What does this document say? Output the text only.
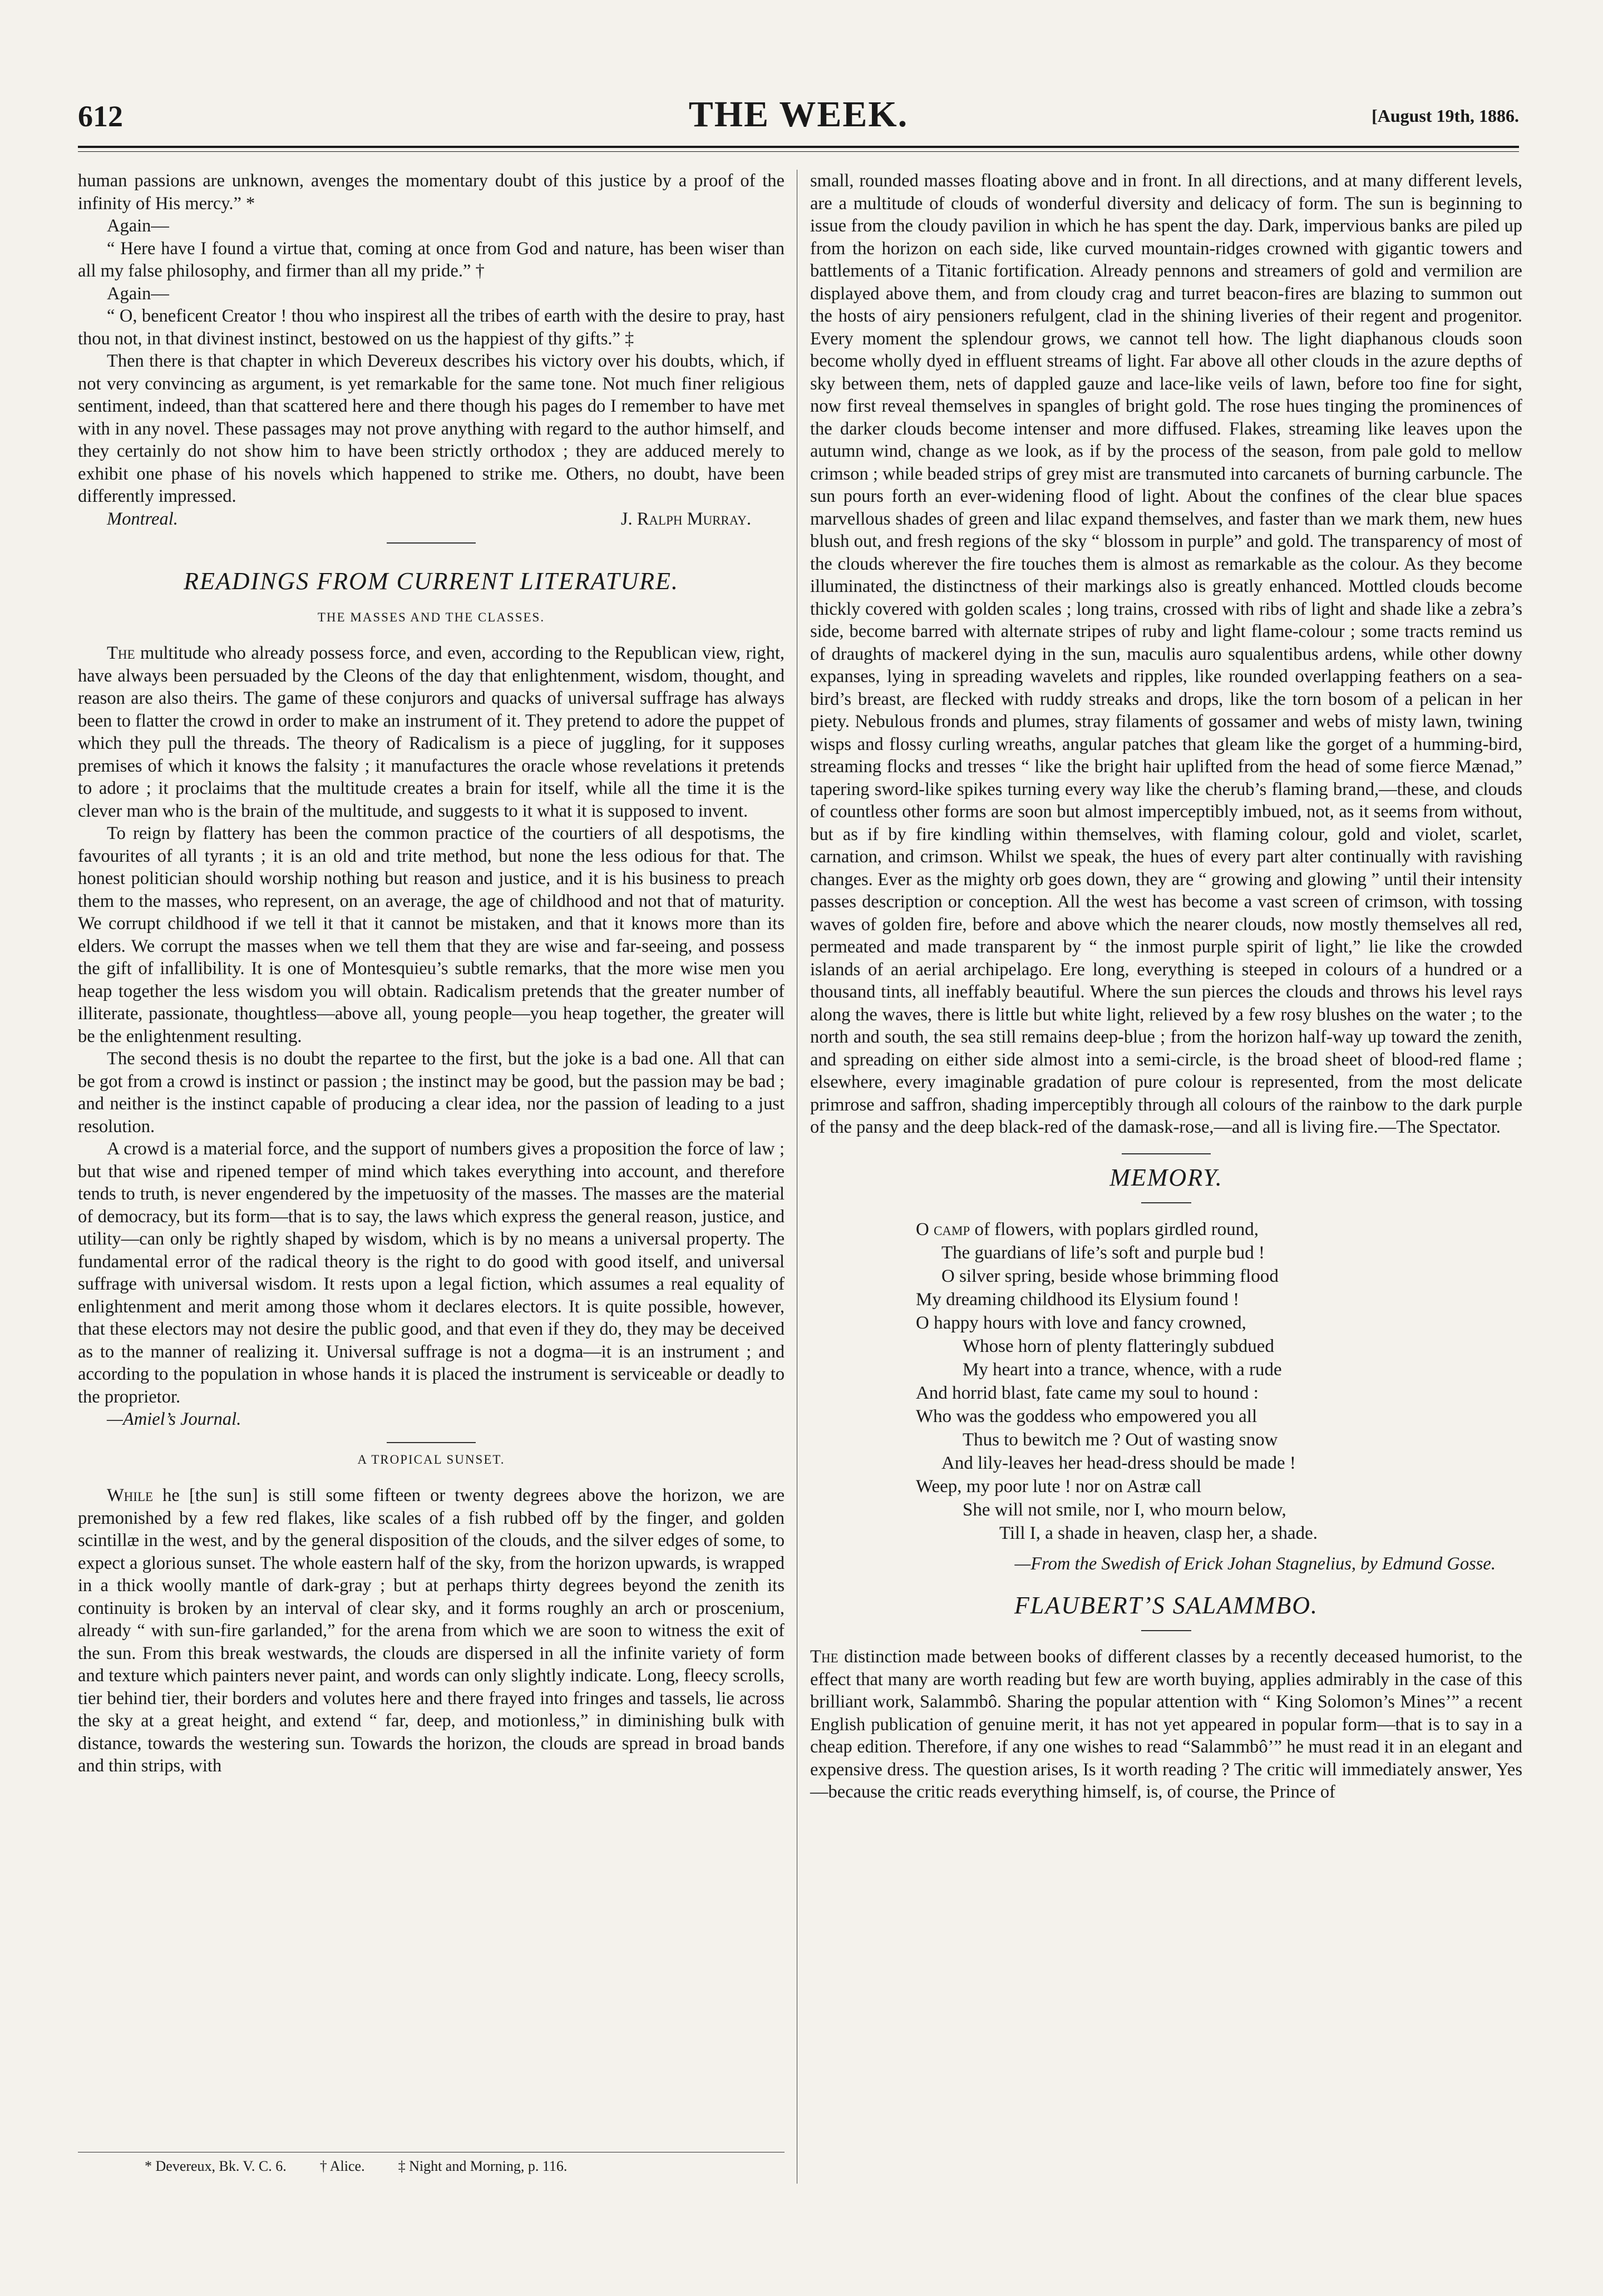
612	THE WEEK.	[August 19th, 1886.

human passions are unknown, avenges the momentary doubt of this justice by a proof of the infinity of His mercy.” *

Again—

“ Here have I found a virtue that, coming at once from God and nature, has been wiser than all my false philosophy, and firmer than all my pride.” †

Again—

“ O, beneficent Creator ! thou who inspirest all the tribes of earth with the desire to pray, hast thou not, in that divinest instinct, bestowed on us the happiest of thy gifts.” ‡

Then there is that chapter in which Devereux describes his victory over his doubts, which, if not very convincing as argument, is yet remarkable for the same tone. Not much finer religious sentiment, indeed, than that scattered here and there though his pages do I remember to have met with in any novel. These passages may not prove anything with regard to the author himself, and they certainly do not show him to have been strictly orthodox ; they are adduced merely to exhibit one phase of his novels which happened to strike me. Others, no doubt, have been differently impressed.

Montreal.	J. Ralph Murray.
READINGS FROM CURRENT LITERATURE.
THE MASSES AND THE CLASSES.

The multitude who already possess force, and even, according to the Republican view, right, have always been persuaded by the Cleons of the day that enlightenment, wisdom, thought, and reason are also theirs. The game of these conjurors and quacks of universal suffrage has always been to flatter the crowd in order to make an instrument of it. They pretend to adore the puppet of which they pull the threads. The theory of Radicalism is a piece of juggling, for it supposes premises of which it knows the falsity ; it manufactures the oracle whose revelations it pretends to adore ; it proclaims that the multitude creates a brain for itself, while all the time it is the clever man who is the brain of the multitude, and suggests to it what it is supposed to invent.

To reign by flattery has been the common practice of the courtiers of all despotisms, the favourites of all tyrants ; it is an old and trite method, but none the less odious for that. The honest politician should worship nothing but reason and justice, and it is his business to preach them to the masses, who represent, on an average, the age of childhood and not that of maturity. We corrupt childhood if we tell it that it cannot be mistaken, and that it knows more than its elders. We corrupt the masses when we tell them that they are wise and far-seeing, and possess the gift of infallibility. It is one of Montesquieu’s subtle remarks, that the more wise men you heap together the less wisdom you will obtain. Radicalism pretends that the greater number of illiterate, passionate, thoughtless—above all, young people—you heap together, the greater will be the enlightenment resulting.

The second thesis is no doubt the repartee to the first, but the joke is a bad one. All that can be got from a crowd is instinct or passion ; the instinct may be good, but the passion may be bad ; and neither is the instinct capable of producing a clear idea, nor the passion of leading to a just resolution.

A crowd is a material force, and the support of numbers gives a proposition the force of law ; but that wise and ripened temper of mind which takes everything into account, and therefore tends to truth, is never engendered by the impetuosity of the masses. The masses are the material of democracy, but its form—that is to say, the laws which express the general reason, justice, and utility—can only be rightly shaped by wisdom, which is by no means a universal property. The fundamental error of the radical theory is the right to do good with good itself, and universal suffrage with universal wisdom. It rests upon a legal fiction, which assumes a real equality of enlightenment and merit among those whom it declares electors. It is quite possible, however, that these electors may not desire the public good, and that even if they do, they may be deceived as to the manner of realizing it. Universal suffrage is not a dogma—it is an instrument ; and according to the population in whose hands it is placed the instrument is serviceable or deadly to the proprietor.

—Amiel’s Journal.

A TROPICAL SUNSET.

While he [the sun] is still some fifteen or twenty degrees above the horizon, we are premonished by a few red flakes, like scales of a fish rubbed off by the finger, and golden scintillæ in the west, and by the general disposition of the clouds, and the silver edges of some, to expect a glorious sunset. The whole eastern half of the sky, from the horizon upwards, is wrapped in a thick woolly mantle of dark-gray ; but at perhaps thirty degrees beyond the zenith its continuity is broken by an interval of clear sky, and it forms roughly an arch or proscenium, already “ with sun-fire garlanded,” for the arena from which we are soon to witness the exit of the sun. From this break westwards, the clouds are dispersed in all the infinite variety of form and texture which painters never paint, and words can only slightly indicate. Long, fleecy scrolls, tier behind tier, their borders and volutes here and there frayed into fringes and tassels, lie across the sky at a great height, and extend “ far, deep, and motionless,” in diminishing bulk with distance, towards the westering sun. Towards the horizon, the clouds are spread in broad bands and thin strips, with

small, rounded masses floating above and in front. In all directions, and at many different levels, are a multitude of clouds of wonderful diversity and delicacy of form. The sun is beginning to issue from the cloudy pavilion in which he has spent the day. Dark, impervious banks are piled up from the horizon on each side, like curved mountain-ridges crowned with gigantic towers and battlements of a Titanic fortification. Already pennons and streamers of gold and vermilion are displayed above them, and from cloudy crag and turret beacon-fires are blazing to summon out the hosts of airy pensioners refulgent, clad in the shining liveries of their regent and progenitor. Every moment the splendour grows, we cannot tell how. The light diaphanous clouds soon become wholly dyed in effluent streams of light. Far above all other clouds in the azure depths of sky between them, nets of dappled gauze and lace-like veils of lawn, before too fine for sight, now first reveal themselves in spangles of bright gold. The rose hues tinging the prominences of the darker clouds become intenser and more diffused. Flakes, streaming like leaves upon the autumn wind, change as we look, as if by the process of the season, from pale gold to mellow crimson ; while beaded strips of grey mist are transmuted into carcanets of burning carbuncle. The sun pours forth an ever-widening flood of light. About the confines of the clear blue spaces marvellous shades of green and lilac expand themselves, and faster than we mark them, new hues blush out, and fresh regions of the sky “ blossom in purple” and gold. The transparency of most of the clouds wherever the fire touches them is almost as remarkable as the colour. As they become illuminated, the distinctness of their markings also is greatly enhanced. Mottled clouds become thickly covered with golden scales ; long trains, crossed with ribs of light and shade like a zebra’s side, become barred with alternate stripes of ruby and light flame-colour ; some tracts remind us of draughts of mackerel dying in the sun, maculis auro squalentibus ardens, while other downy expanses, lying in spreading wavelets and ripples, like rounded overlapping feathers on a sea-bird’s breast, are flecked with ruddy streaks and drops, like the torn bosom of a pelican in her piety. Nebulous fronds and plumes, stray filaments of gossamer and webs of misty lawn, twining wisps and flossy curling wreaths, angular patches that gleam like the gorget of a humming-bird, streaming flocks and tresses “ like the bright hair uplifted from the head of some fierce Mænad,” tapering sword-like spikes turning every way like the cherub’s flaming brand,—these, and clouds of countless other forms are soon but almost imperceptibly imbued, not, as it seems from without, but as if by fire kindling within themselves, with flaming colour, gold and violet, scarlet, carnation, and crimson. Whilst we speak, the hues of every part alter continually with ravishing changes. Ever as the mighty orb goes down, they are “ growing and glowing ” until their intensity passes description or conception. All the west has become a vast screen of crimson, with tossing waves of golden fire, before and above which the nearer clouds, now mostly themselves all red, permeated and made transparent by “ the inmost purple spirit of light,” lie like the crowded islands of an aerial archipelago. Ere long, everything is steeped in colours of a hundred or a thousand tints, all ineffably beautiful. Where the sun pierces the clouds and throws his level rays along the waves, there is little but white light, relieved by a few rosy blushes on the water ; to the north and south, the sea still remains deep-blue ; from the horizon half-way up toward the zenith, and spreading on either side almost into a semi-circle, is the broad sheet of blood-red flame ; elsewhere, every imaginable gradation of pure colour is represented, from the most delicate primrose and saffron, shading imperceptibly through all colours of the rainbow to the dark purple of the pansy and the deep black-red of the damask-rose,—and all is living fire.—The Spectator.

MEMORY.
O camp of flowers, with poplars girdled round,
The guardians of life’s soft and purple bud !
O silver spring, beside whose brimming flood
My dreaming childhood its Elysium found !
O happy hours with love and fancy crowned,
Whose horn of plenty flatteringly subdued
My heart into a trance, whence, with a rude
And horrid blast, fate came my soul to hound :
Who was the goddess who empowered you all
Thus to bewitch me ? Out of wasting snow
And lily-leaves her head-dress should be made !
Weep, my poor lute ! nor on Astræ call
She will not smile, nor I, who mourn below,
Till I, a shade in heaven, clasp her, a shade.

—From the Swedish of Erick Johan Stagnelius, by Edmund Gosse.

FLAUBERT’S SALAMMBO.

The distinction made between books of different classes by a recently deceased humorist, to the effect that many are worth reading but few are worth buying, applies admirably in the case of this brilliant work, Salammbô. Sharing the popular attention with “ King Solomon’s Mines’” a recent English publication of genuine merit, it has not yet appeared in popular form—that is to say in a cheap edition. Therefore, if any one wishes to read “Salammbô’” he must read it in an elegant and expensive dress. The question arises, Is it worth reading ? The critic will immediately answer, Yes—because the critic reads everything himself, is, of course, the Prince of

* Devereux, Bk. V. C. 6. † Alice. ‡ Night and Morning, p. 116.
